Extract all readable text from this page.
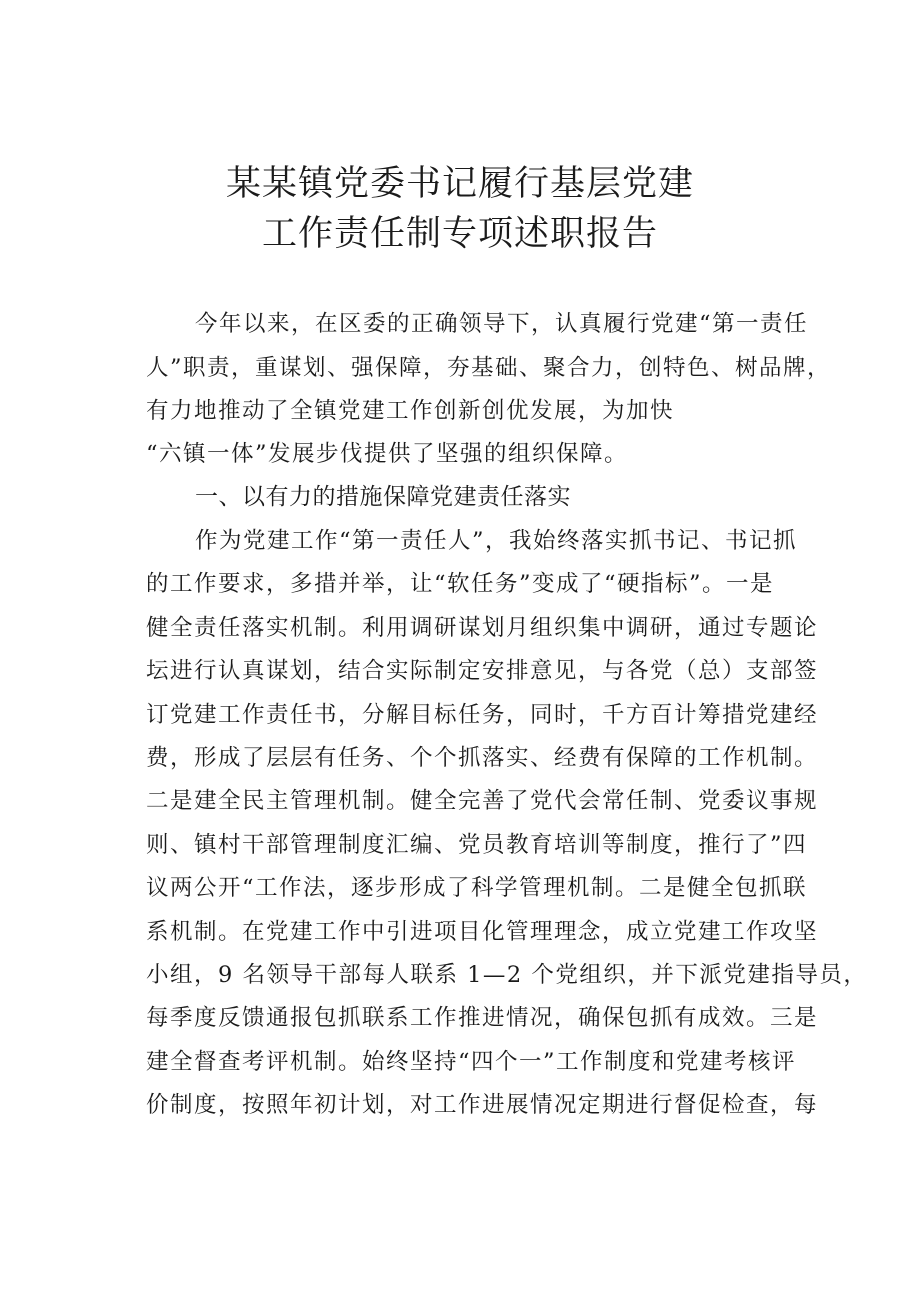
某某镇党委书记履行基层党建
工作责任制专项述职报告
今年以来，在区委的正确领导下，认真履行党建“第一责任
人”职责，重谋划、强保障，夯基础、聚合力，创特色、树品牌，
有力地推动了全镇党建工作创新创优发展，为加快
“六镇一体”发展步伐提供了坚强的组织保障。
一、以有力的措施保障党建责任落实
作为党建工作“第一责任人”，我始终落实抓书记、书记抓
的工作要求，多措并举，让“软任务”变成了“硬指标”。一是
健全责任落实机制。利用调研谋划月组织集中调研，通过专题论
坛进行认真谋划，结合实际制定安排意见，与各党（总）支部签
订党建工作责任书，分解目标任务，同时，千方百计筹措党建经
费，形成了层层有任务、个个抓落实、经费有保障的工作机制。
二是建全民主管理机制。健全完善了党代会常任制、党委议事规
则、镇村干部管理制度汇编、党员教育培训等制度，推行了”四
议两公开“工作法，逐步形成了科学管理机制。二是健全包抓联
系机制。在党建工作中引进项目化管理理念，成立党建工作攻坚
小组，9 名领导干部每人联系 1—2 个党组织，并下派党建指导员，
每季度反馈通报包抓联系工作推进情况，确保包抓有成效。三是
建全督查考评机制。始终坚持“四个一”工作制度和党建考核评
价制度，按照年初计划，对工作进展情况定期进行督促检查，每
